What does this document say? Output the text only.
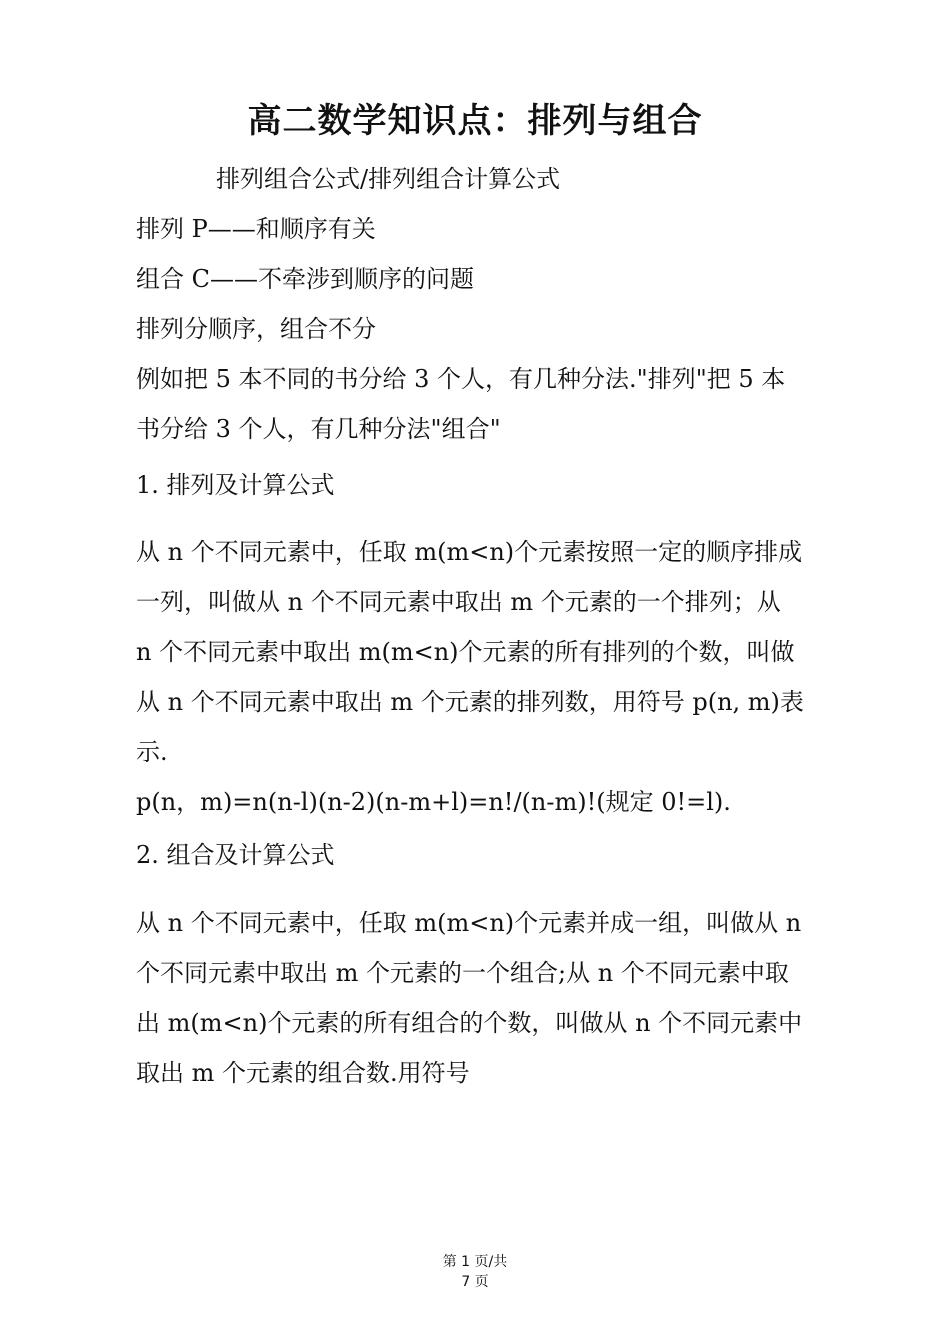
高二数学知识点：排列与组合
排列组合公式/排列组合计算公式
排列 P——和顺序有关
组合 C——不牵涉到顺序的问题
排列分顺序，组合不分
例如把 5 本不同的书分给 3 个人，有几种分法."排列"把 5 本
书分给 3 个人，有几种分法"组合"
1. 排列及计算公式
从 n 个不同元素中，任取 m(m<n)个元素按照一定的顺序排成
一列，叫做从 n 个不同元素中取出 m 个元素的一个排列；从
n 个不同元素中取出 m(m<n)个元素的所有排列的个数，叫做
从 n 个不同元素中取出 m 个元素的排列数，用符号 p(n, m)表
示.
p(n，m)=n(n-l)(n-2)(n-m+l)=n!/(n-m)!(规定 0!=l).
2. 组合及计算公式
从 n 个不同元素中，任取 m(m<n)个元素并成一组，叫做从 n
个不同元素中取出 m 个元素的一个组合;从 n 个不同元素中取
出 m(m<n)个元素的所有组合的个数，叫做从 n 个不同元素中
取出 m 个元素的组合数.用符号
第 1 页/共
7 页
